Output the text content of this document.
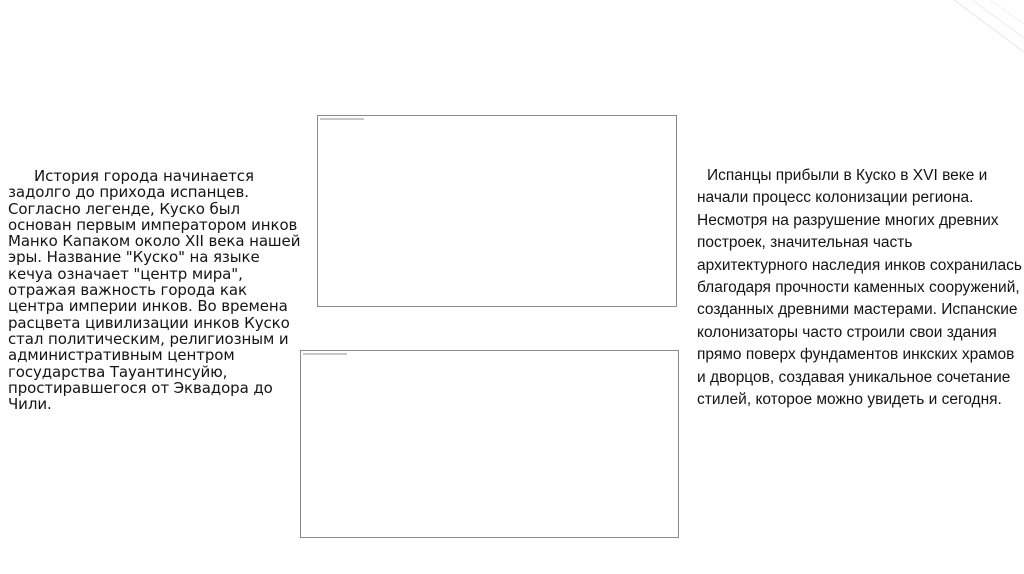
История города начинается задолго до прихода испанцев. Согласно легенде, Куско был основан первым императором инков Манко Капаком около XII века нашей эры. Название "Куско" на языке кечуа означает "центр мира", отражая важность города как центра империи инков. Во времена расцвета цивилизации инков Куско стал политическим, религиозным и административным центром государства Тауантинсуйю, простиравшегося от Эквадора до Чили.

Испанцы прибыли в Куско в XVI веке и начали процесс колонизации региона. Несмотря на разрушение многих древних построек, значительная часть архитектурного наследия инков сохранилась благодаря прочности каменных сооружений, созданных древними мастерами. Испанские колонизаторы часто строили свои здания прямо поверх фундаментов инкских храмов и дворцов, создавая уникальное сочетание стилей, которое можно увидеть и сегодня.
